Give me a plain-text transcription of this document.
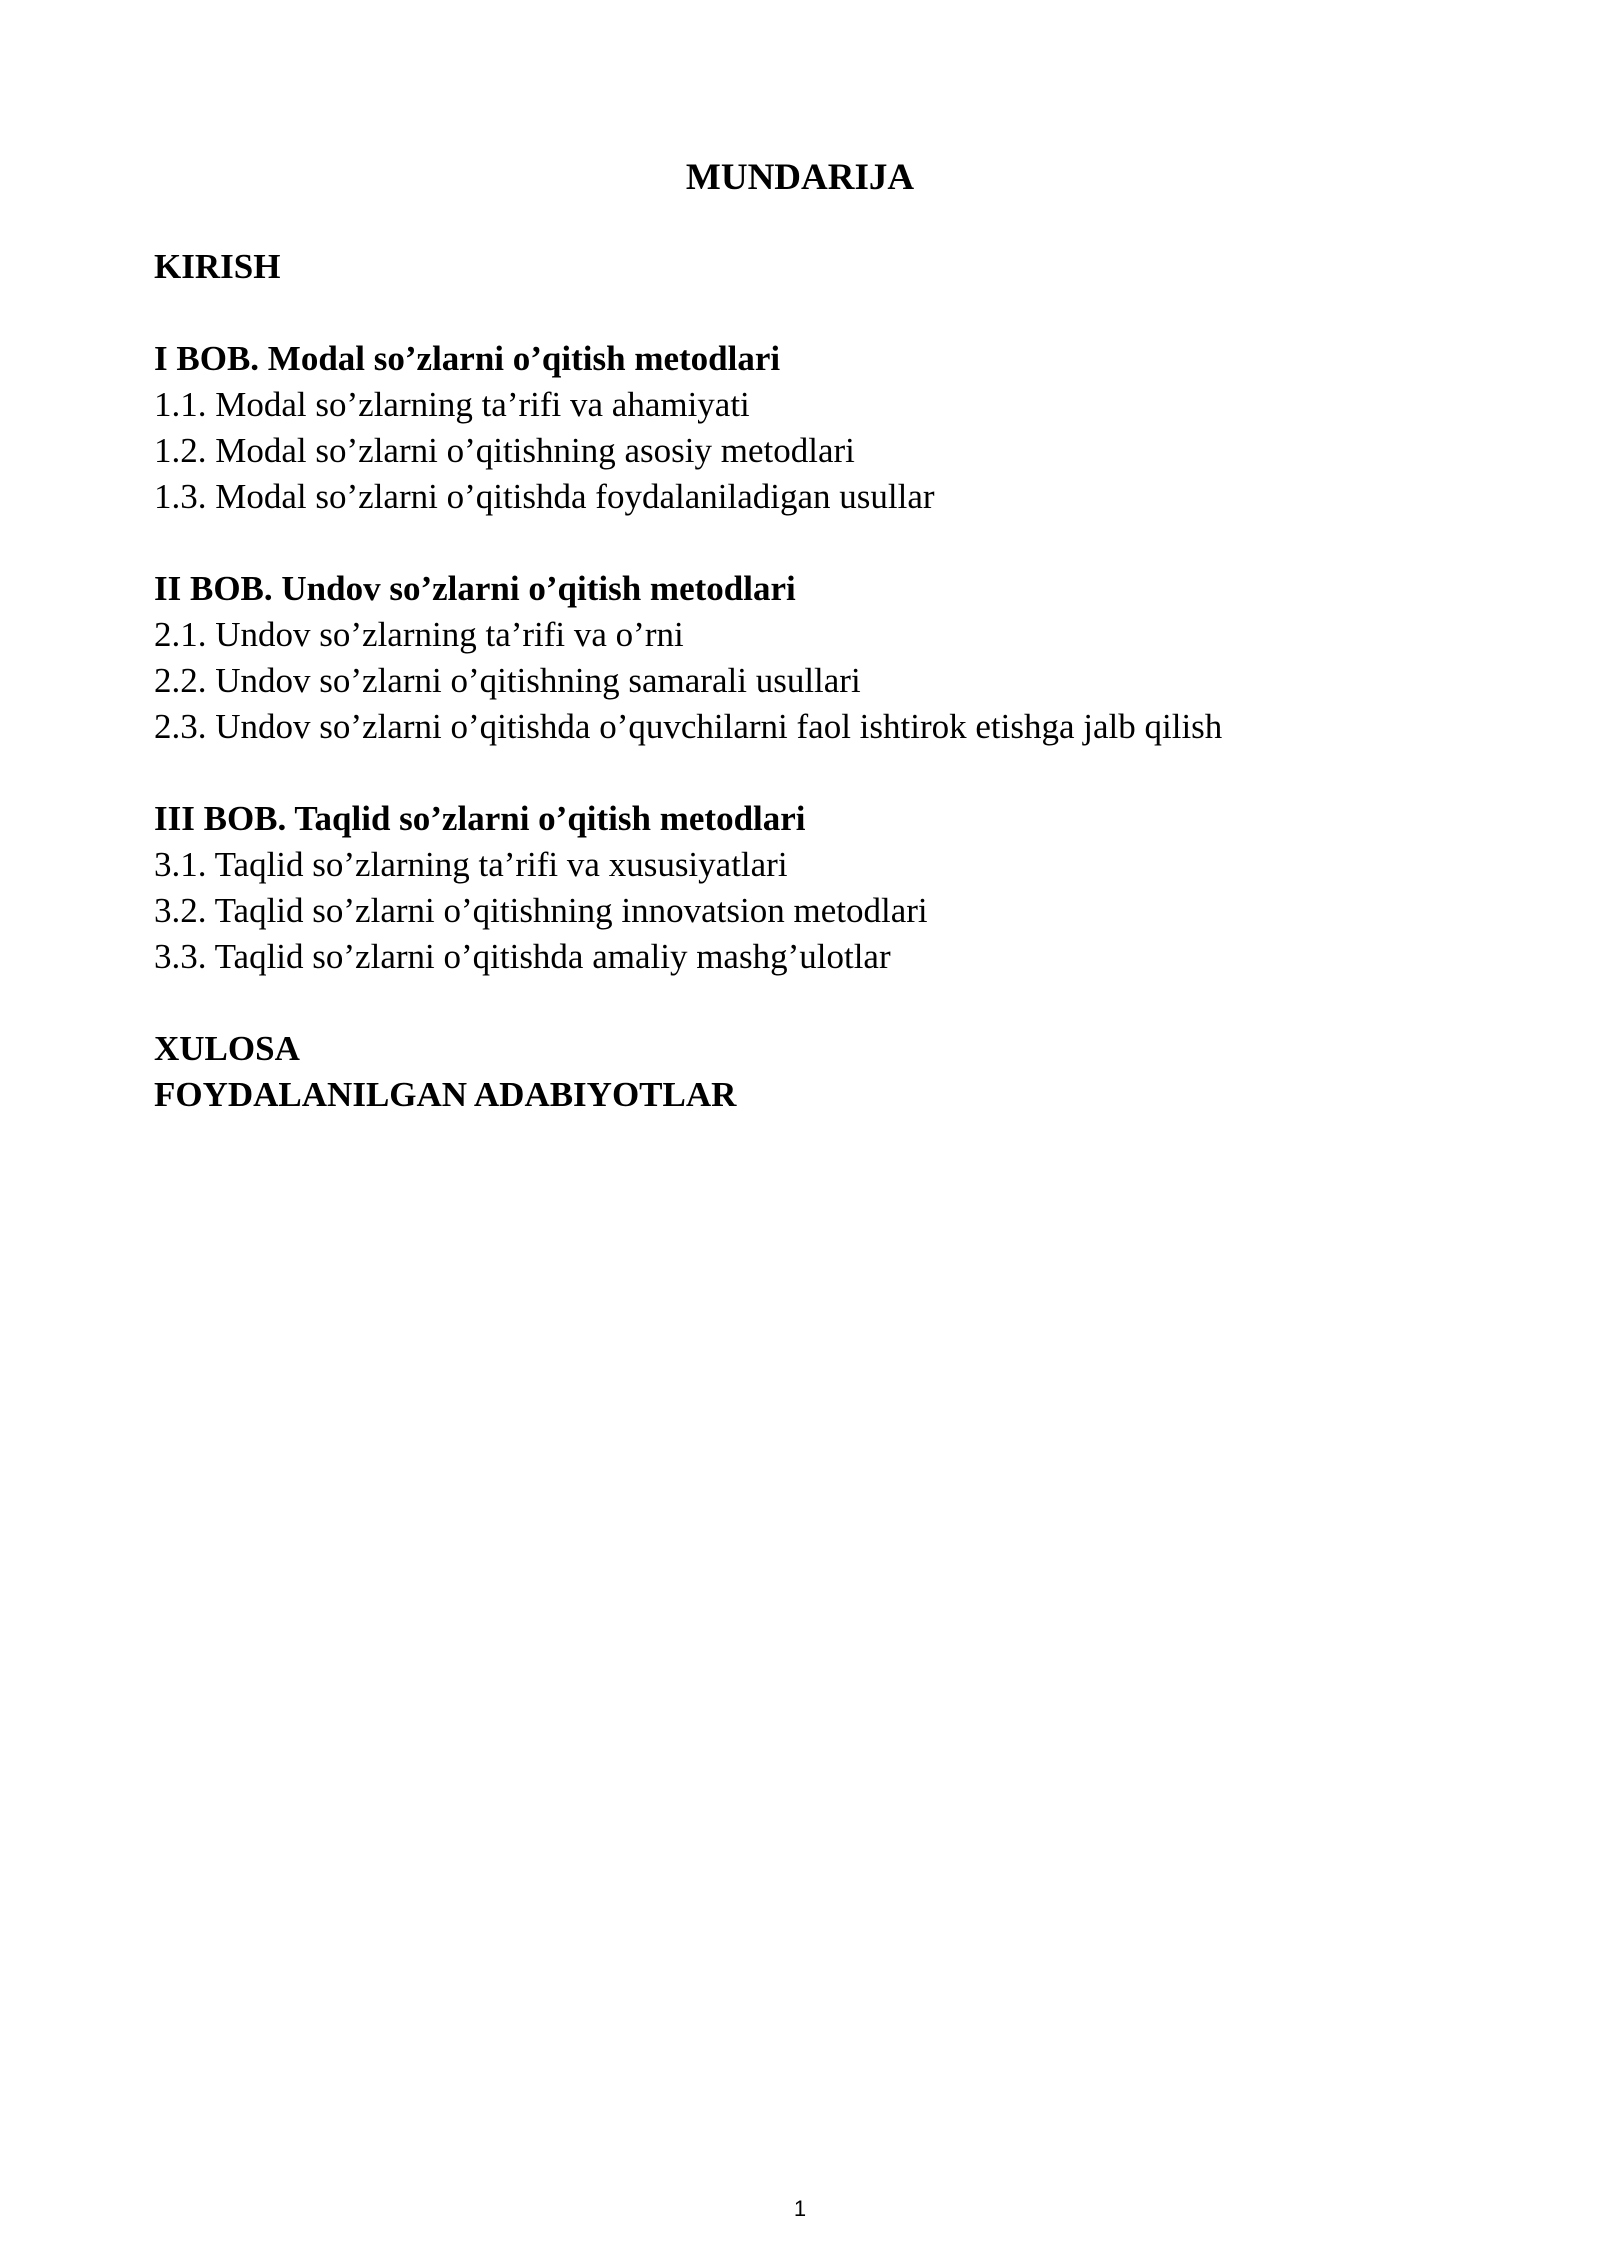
MUNDARIJA
KIRISH
I BOB. Modal so’zlarni o’qitish metodlari
1.1. Modal so’zlarning ta’rifi va ahamiyati
1.2. Modal so’zlarni o’qitishning asosiy metodlari
1.3. Modal so’zlarni o’qitishda foydalaniladigan usullar
II BOB. Undov so’zlarni o’qitish metodlari
2.1. Undov so’zlarning ta’rifi va o’rni
2.2. Undov so’zlarni o’qitishning samarali usullari
2.3. Undov so’zlarni o’qitishda o’quvchilarni faol ishtirok etishga jalb qilish
III BOB. Taqlid so’zlarni o’qitish metodlari
3.1. Taqlid so’zlarning ta’rifi va xususiyatlari
3.2. Taqlid so’zlarni o’qitishning innovatsion metodlari
3.3. Taqlid so’zlarni o’qitishda amaliy mashg’ulotlar
XULOSA
FOYDALANILGAN ADABIYOTLAR
1
